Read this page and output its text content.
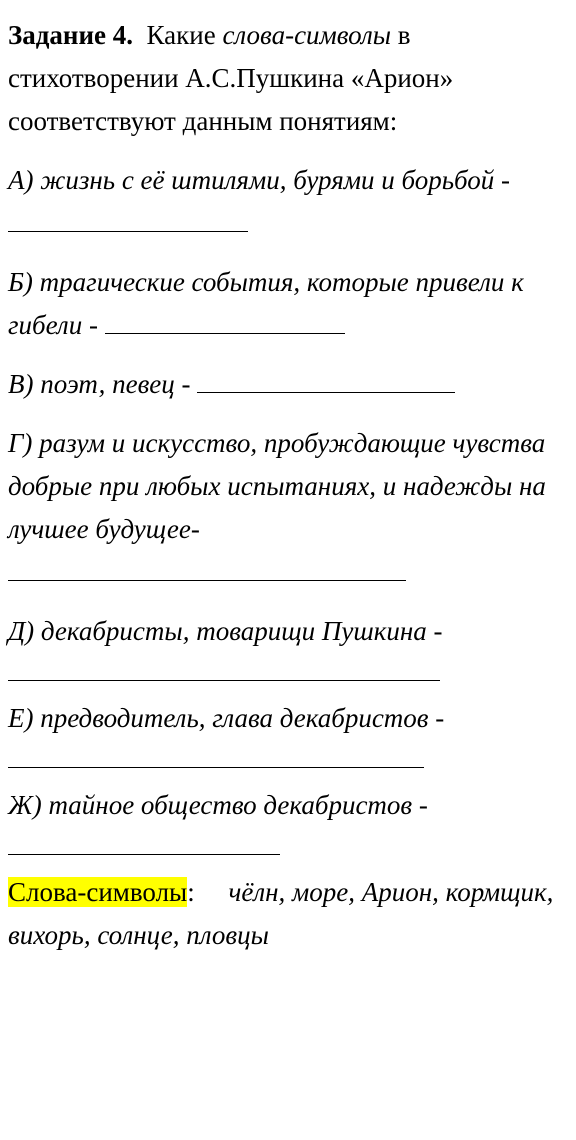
Задание 4. Какие слова-символы в стихотворении А.С.Пушкина «Арион» соответствуют данным понятиям:

А) жизнь с её штилями, бурями и борьбой -

Б) трагические события, которые привели к гибели -

В) поэт, певец -

Г) разум и искусство, пробуждающие чувства добрые при любых испытаниях, и надежды на лучшее будущее-

Д) декабристы, товарищи Пушкина -

Е) предводитель, глава декабристов -

Ж) тайное общество декабристов -

Слова-символы: чёлн, море, Арион, кормщик, вихорь, солнце, пловцы
